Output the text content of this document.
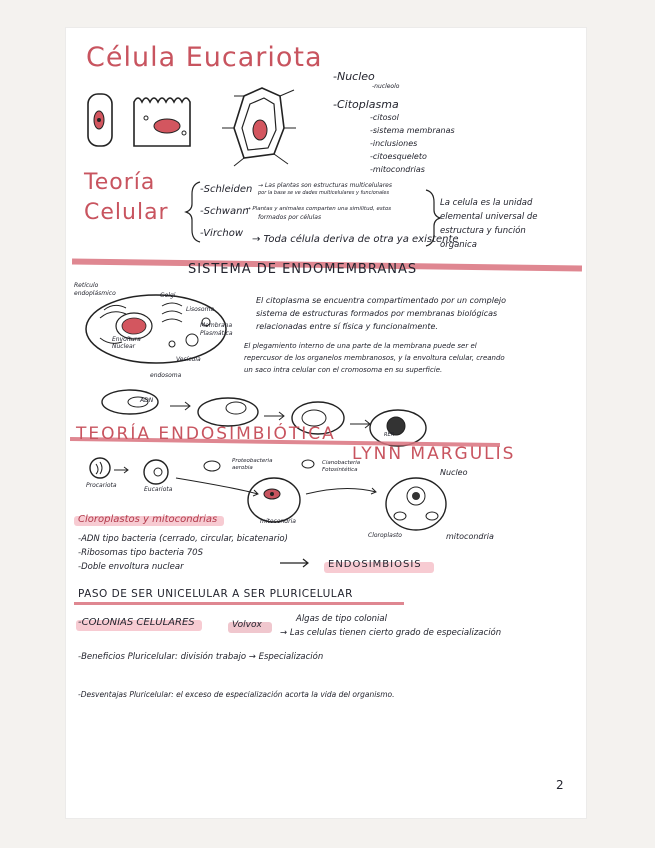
Célula Eucariota
-Nucleo
-nucleolo
-Citoplasma
-citosol
-sistema membranas
-inclusiones
-citoesqueleto
-mitocondrias
Teoría
Celular
-Schleiden → Las plantas son estructuras multicelulares
por la base se ve dades multicelulares y funcionales
-Schwann
→ Plantas y animales comparten una similitud, estos
formados por células
-Virchow
→ Toda célula deriva de otra ya existente
La celula es la unidad
elemental universal de
estructura y función
organica
SISTEMA DE ENDOMEMBRANAS
Retículo
endoplásmico	Golgi
Lisosoma
Membrana
Plasmática
Envoltura
Nuclear
Vesícula
endosoma
El citoplasma se encuentra compartimentado por un complejo
sistema de estructuras formados por membranas biológicas
relacionadas entre sí física y funcionalmente.
El plegamiento interno de una parte de la membrana puede ser el
repercusor de los organelos membranosos, y la envoltura celular, creando
un saco intra celular con el cromosoma en su superficie.
ADN
RER
TEORÍA ENDOSIMBIÓTICA
LYNN MARGULIS
Procariota
Eucariota
Proteobacteria
aerobia
Cianobacteria
Fotosintética	Nucleo
mitocondria
mitocondria
Cloroplasto
Cloroplastos y mitocondrias
-ADN tipo bacteria (cerrado, circular, bicatenario)
-Ribosomas tipo bacteria 70S
-Doble envoltura nuclear	ENDOSIMBIOSIS
PASO DE SER UNICELULAR A SER PLURICELULAR
-COLONIAS CELULARES	Volvox
Algas de tipo colonial
→ Las celulas tienen cierto grado de especialización
-Beneficios Pluricelular: división trabajo → Especialización
-Desventajas Pluricelular: el exceso de especialización acorta la vida del organismo.
2
